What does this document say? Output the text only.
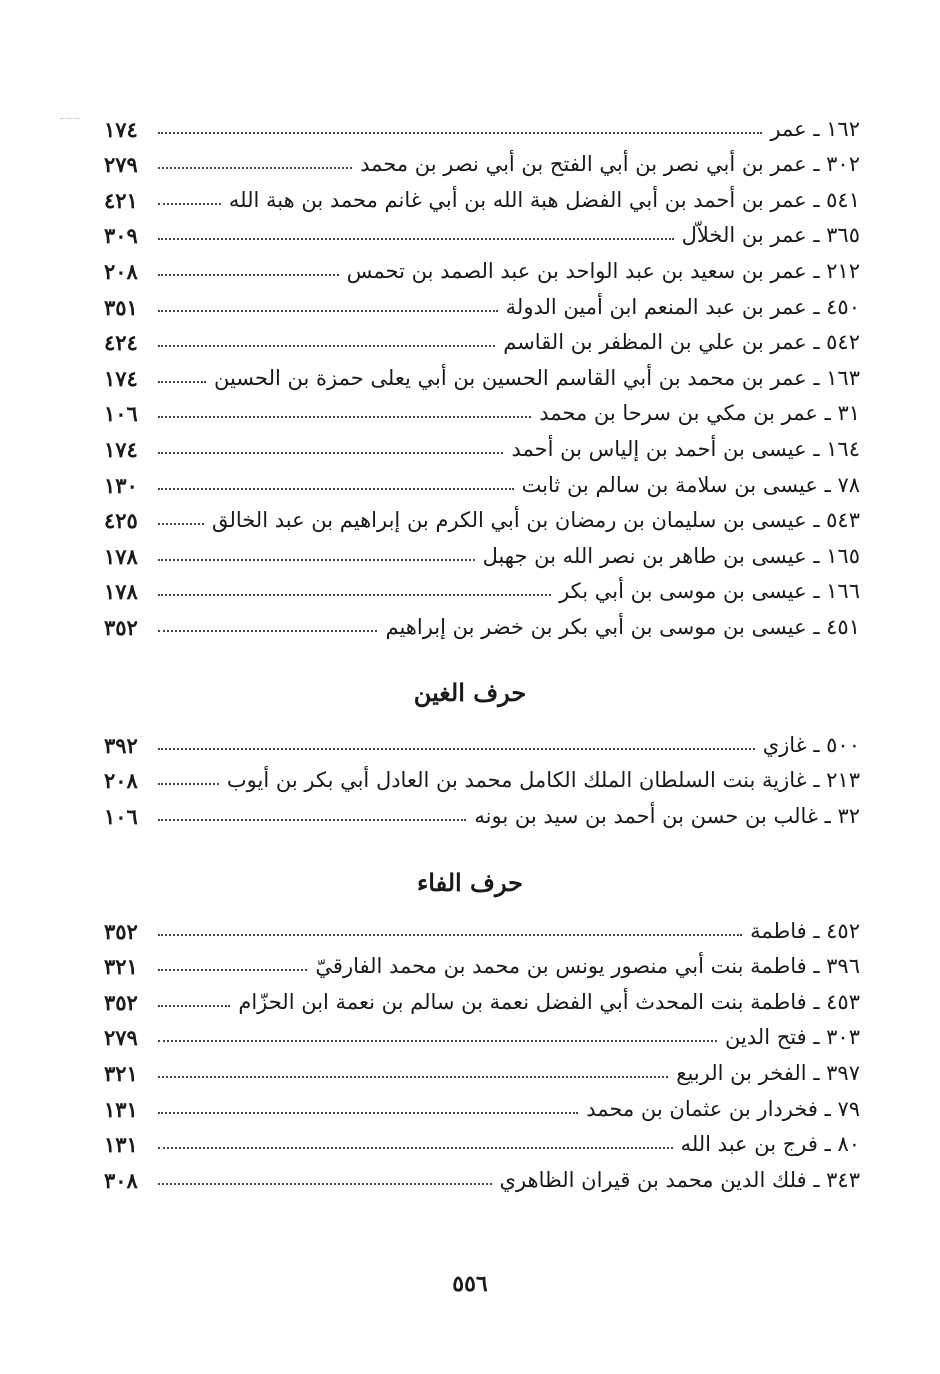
١٦٢ ـ عمر
١٧٤
٣٠٢ ـ عمر بن أبي نصر بن أبي الفتح بن أبي نصر بن محمد
٢٧٩
٥٤١ ـ عمر بن أحمد بن أبي الفضل هبة الله بن أبي غانم محمد بن هبة الله
٤٢١
٣٦٥ ـ عمر بن الخلاّل
٣٠٩
٢١٢ ـ عمر بن سعيد بن عبد الواحد بن عبد الصمد بن تحمس
٢٠٨
٤٥٠ ـ عمر بن عبد المنعم ابن أمين الدولة
٣٥١
٥٤٢ ـ عمر بن علي بن المظفر بن القاسم
٤٢٤
١٦٣ ـ عمر بن محمد بن أبي القاسم الحسين بن أبي يعلى حمزة بن الحسين
١٧٤
٣١ ـ عمر بن مكي بن سرحا بن محمد
١٠٦
١٦٤ ـ عيسى بن أحمد بن إلياس بن أحمد
١٧٤
٧٨ ـ عيسى بن سلامة بن سالم بن ثابت
١٣٠
٥٤٣ ـ عيسى بن سليمان بن رمضان بن أبي الكرم بن إبراهيم بن عبد الخالق
٤٢٥
١٦٥ ـ عيسى بن طاهر بن نصر الله بن جهبل
١٧٨
١٦٦ ـ عيسى بن موسى بن أبي بكر
١٧٨
٤٥١ ـ عيسى بن موسى بن أبي بكر بن خضر بن إبراهيم
٣٥٢
حرف الغين
٥٠٠ ـ غازي
٣٩٢
٢١٣ ـ غازية بنت السلطان الملك الكامل محمد بن العادل أبي بكر بن أيوب
٢٠٨
٣٢ ـ غالب بن حسن بن أحمد بن سيد بن بونه
١٠٦
حرف الفاء
٤٥٢ ـ فاطمة
٣٥٢
٣٩٦ ـ فاطمة بنت أبي منصور يونس بن محمد بن محمد الفارقيّ
٣٢١
٤٥٣ ـ فاطمة بنت المحدث أبي الفضل نعمة بن سالم بن نعمة ابن الحزّام
٣٥٢
٣٠٣ ـ فتح الدين
٢٧٩
٣٩٧ ـ الفخر بن الربيع
٣٢١
٧٩ ـ فخردار بن عثمان بن محمد
١٣١
٨٠ ـ فرج بن عبد الله
١٣١
٣٤٣ ـ فلك الدين محمد بن قيران الظاهري
٣٠٨
٥٥٦
